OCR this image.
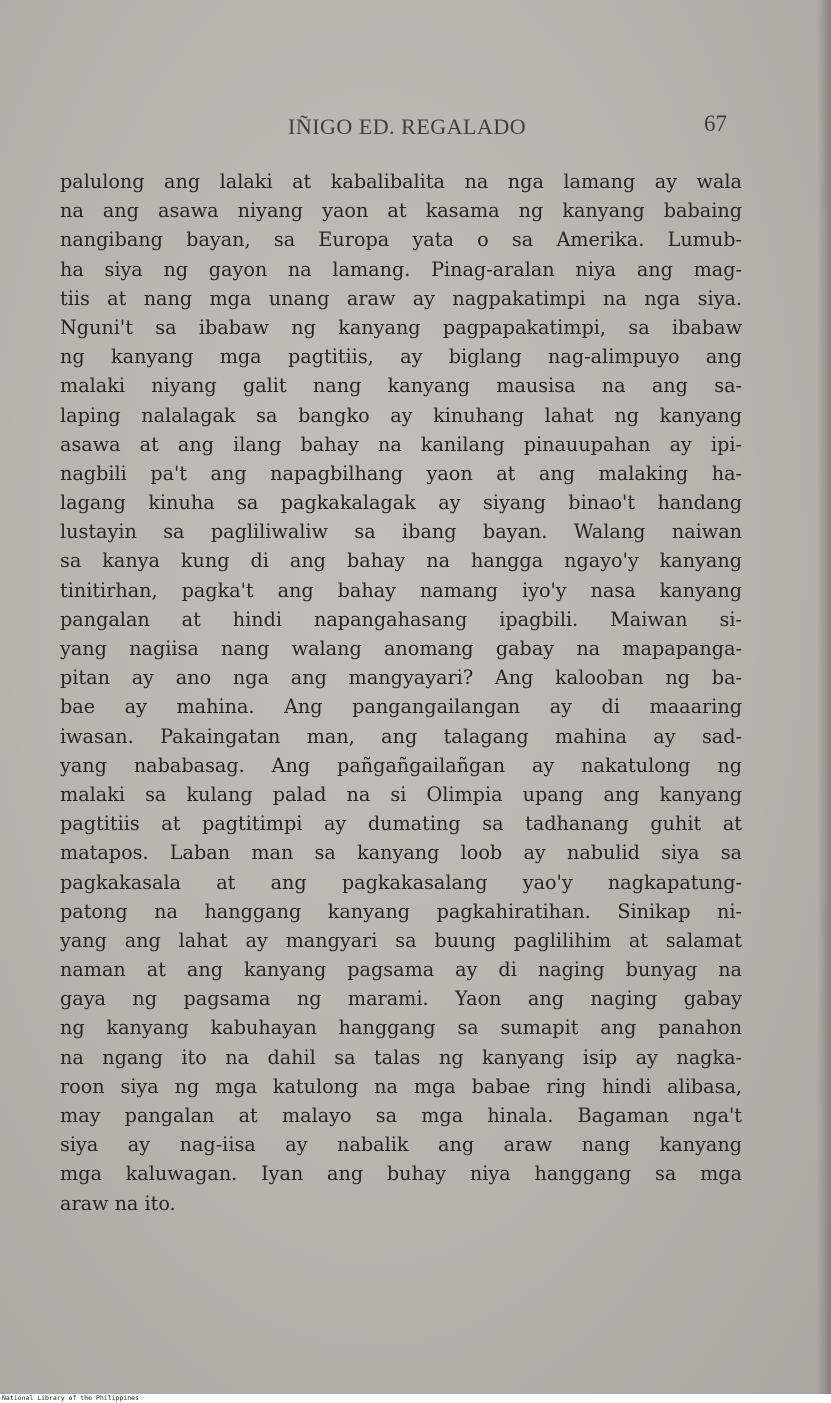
IÑIGO ED. REGALADO	67
palulong ang lalaki at kabalibalita na nga lamang ay wala
na ang asawa niyang yaon at kasama ng kanyang babaing
nangibang bayan, sa Europa yata o sa Amerika. Lumub-
ha siya ng gayon na lamang. Pinag-aralan niya ang mag-
tiis at nang mga unang araw ay nagpakatimpi na nga siya.
Nguni't sa ibabaw ng kanyang pagpapakatimpi, sa ibabaw
ng kanyang mga pagtitiis, ay biglang nag-alimpuyo ang
malaki niyang galit nang kanyang mausisa na ang sa-
laping nalalagak sa bangko ay kinuhang lahat ng kanyang
asawa at ang ilang bahay na kanilang pinauupahan ay ipi-
nagbili pa't ang napagbilhang yaon at ang malaking ha-
lagang kinuha sa pagkakalagak ay siyang binao't handang
lustayin sa pagliliwaliw sa ibang bayan. Walang naiwan
sa kanya kung di ang bahay na hangga ngayo'y kanyang
tinitirhan, pagka't ang bahay namang iyo'y nasa kanyang
pangalan at hindi napangahasang ipagbili. Maiwan si-
yang nagiisa nang walang anomang gabay na mapapanga-
pitan ay ano nga ang mangyayari? Ang kalooban ng ba-
bae ay mahina. Ang pangangailangan ay di maaaring
iwasan. Pakaingatan man, ang talagang mahina ay sad-
yang nababasag. Ang pañgañgailañgan ay nakatulong ng
malaki sa kulang palad na si Olimpia upang ang kanyang
pagtitiis at pagtitimpi ay dumating sa tadhanang guhit at
matapos. Laban man sa kanyang loob ay nabulid siya sa
pagkakasala at ang pagkakasalang yao'y nagkapatung-
patong na hanggang kanyang pagkahiratihan. Sinikap ni-
yang ang lahat ay mangyari sa buung paglilihim at salamat
naman at ang kanyang pagsama ay di naging bunyag na
gaya ng pagsama ng marami. Yaon ang naging gabay
ng kanyang kabuhayan hanggang sa sumapit ang panahon
na ngang ito na dahil sa talas ng kanyang isip ay nagka-
roon siya ng mga katulong na mga babae ring hindi alibasa,
may pangalan at malayo sa mga hinala. Bagaman nga't
siya ay nag-iisa ay nabalik ang araw nang kanyang
mga kaluwagan. Iyan ang buhay niya hanggang sa mga
araw na ito.
National Library of the Philippines
